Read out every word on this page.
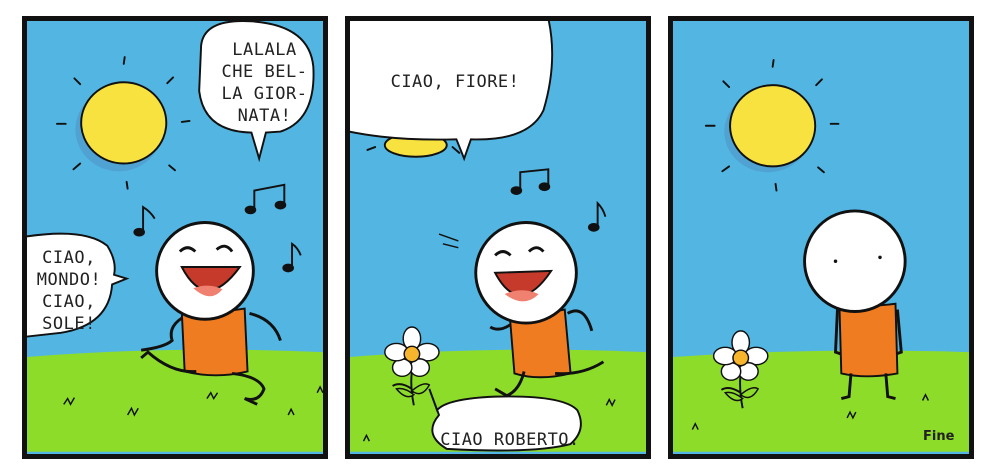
LALALA
CHE BEL-
LA GIOR-
NATA!
CIAO,
MONDO!
CIAO,
SOLE!
CIAO, FIORE!
CIAO ROBERTO.	Fine
